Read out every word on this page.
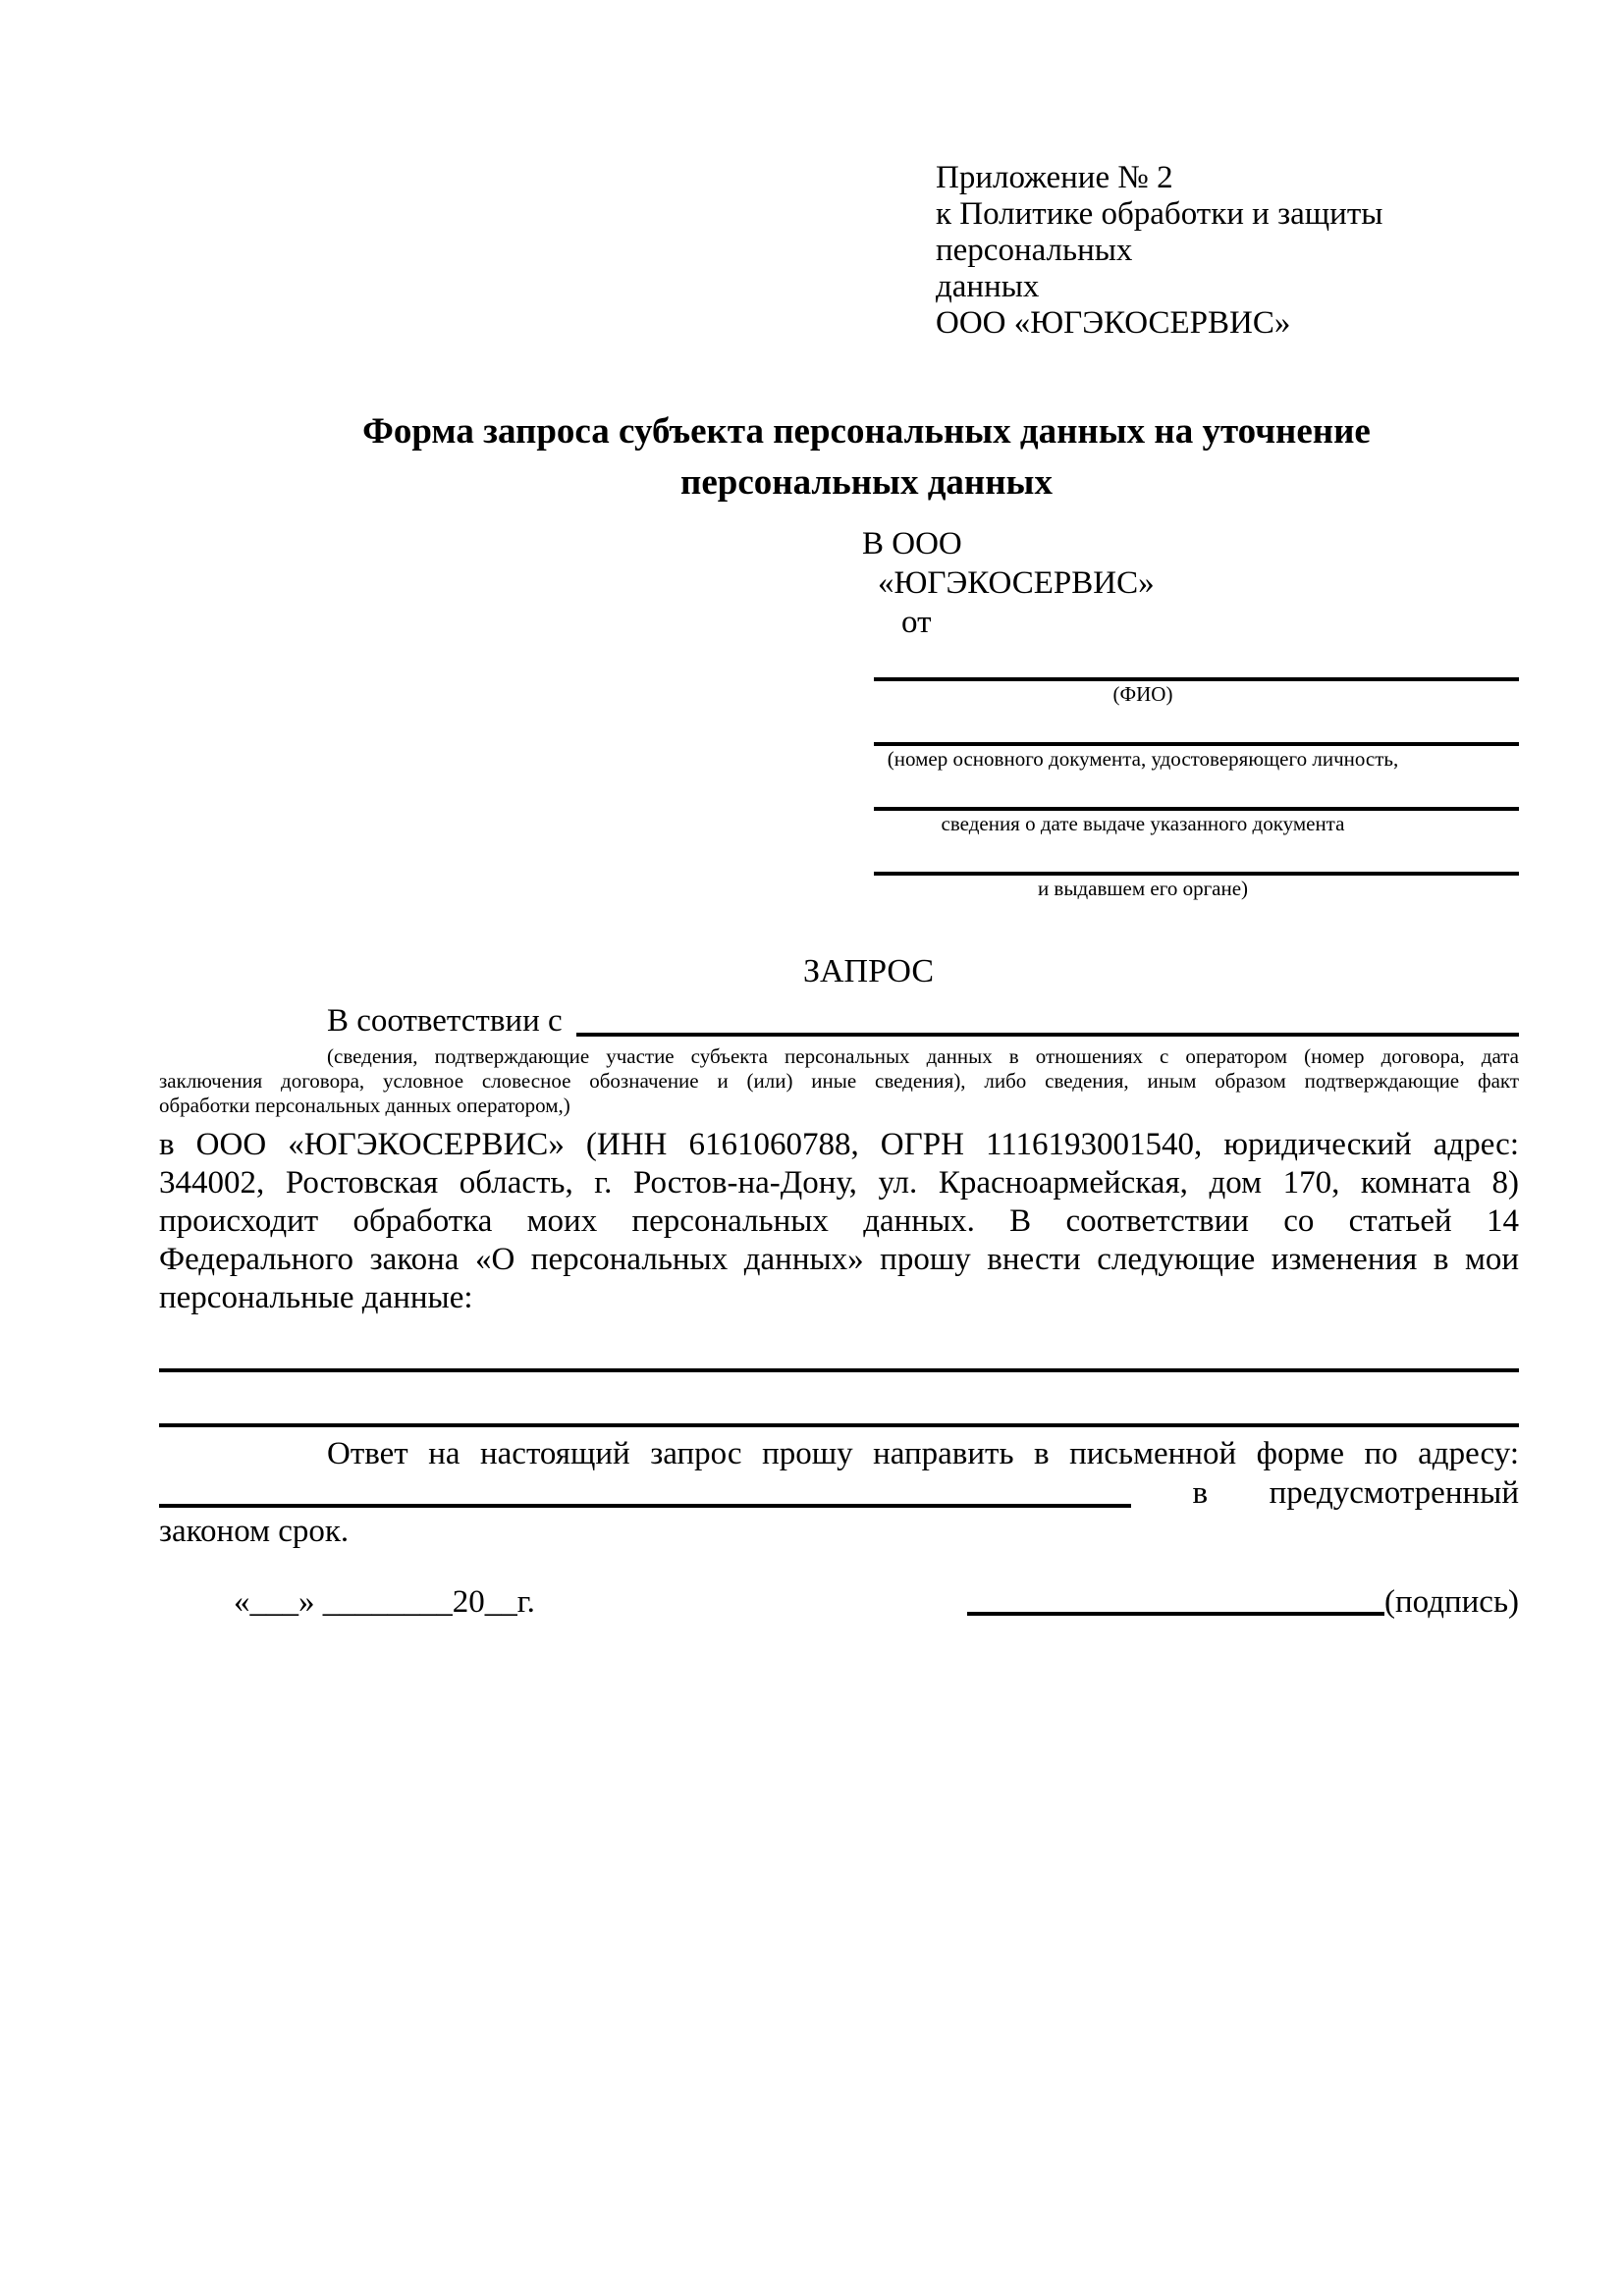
Приложение № 2
к Политике обработки и защиты персональных
данных
ООО «ЮГЭКОСЕРВИС»
Форма запроса субъекта персональных данных на уточнение персональных данных
В ООО
«ЮГЭКОСЕРВИС»
от
(ФИО)
(номер основного документа, удостоверяющего личность,
сведения о дате выдаче указанного документа
и выдавшем его органе)
ЗАПРОС
В соответствии с
(сведения, подтверждающие участие субъекта персональных данных в отношениях с оператором (номер договора, дата
заключения договора, условное словесное обозначение и (или) иные сведения), либо сведения, иным образом подтверждающие факт
обработки персональных данных оператором,)
в ООО «ЮГЭКОСЕРВИС» (ИНН 6161060788, ОГРН 1116193001540, юридический адрес:
344002, Ростовская область, г. Ростов-на-Дону, ул. Красноармейская, дом 170, комната 8)
происходит обработка моих персональных данных. В соответствии со статьей 14
Федерального закона «О персональных данных» прошу внести следующие изменения в мои
персональные данные:
Ответ на настоящий запрос прошу направить в письменной форме по адресу:
в предусмотренный
законом срок.
«___» ________20__г.	(подпись)
